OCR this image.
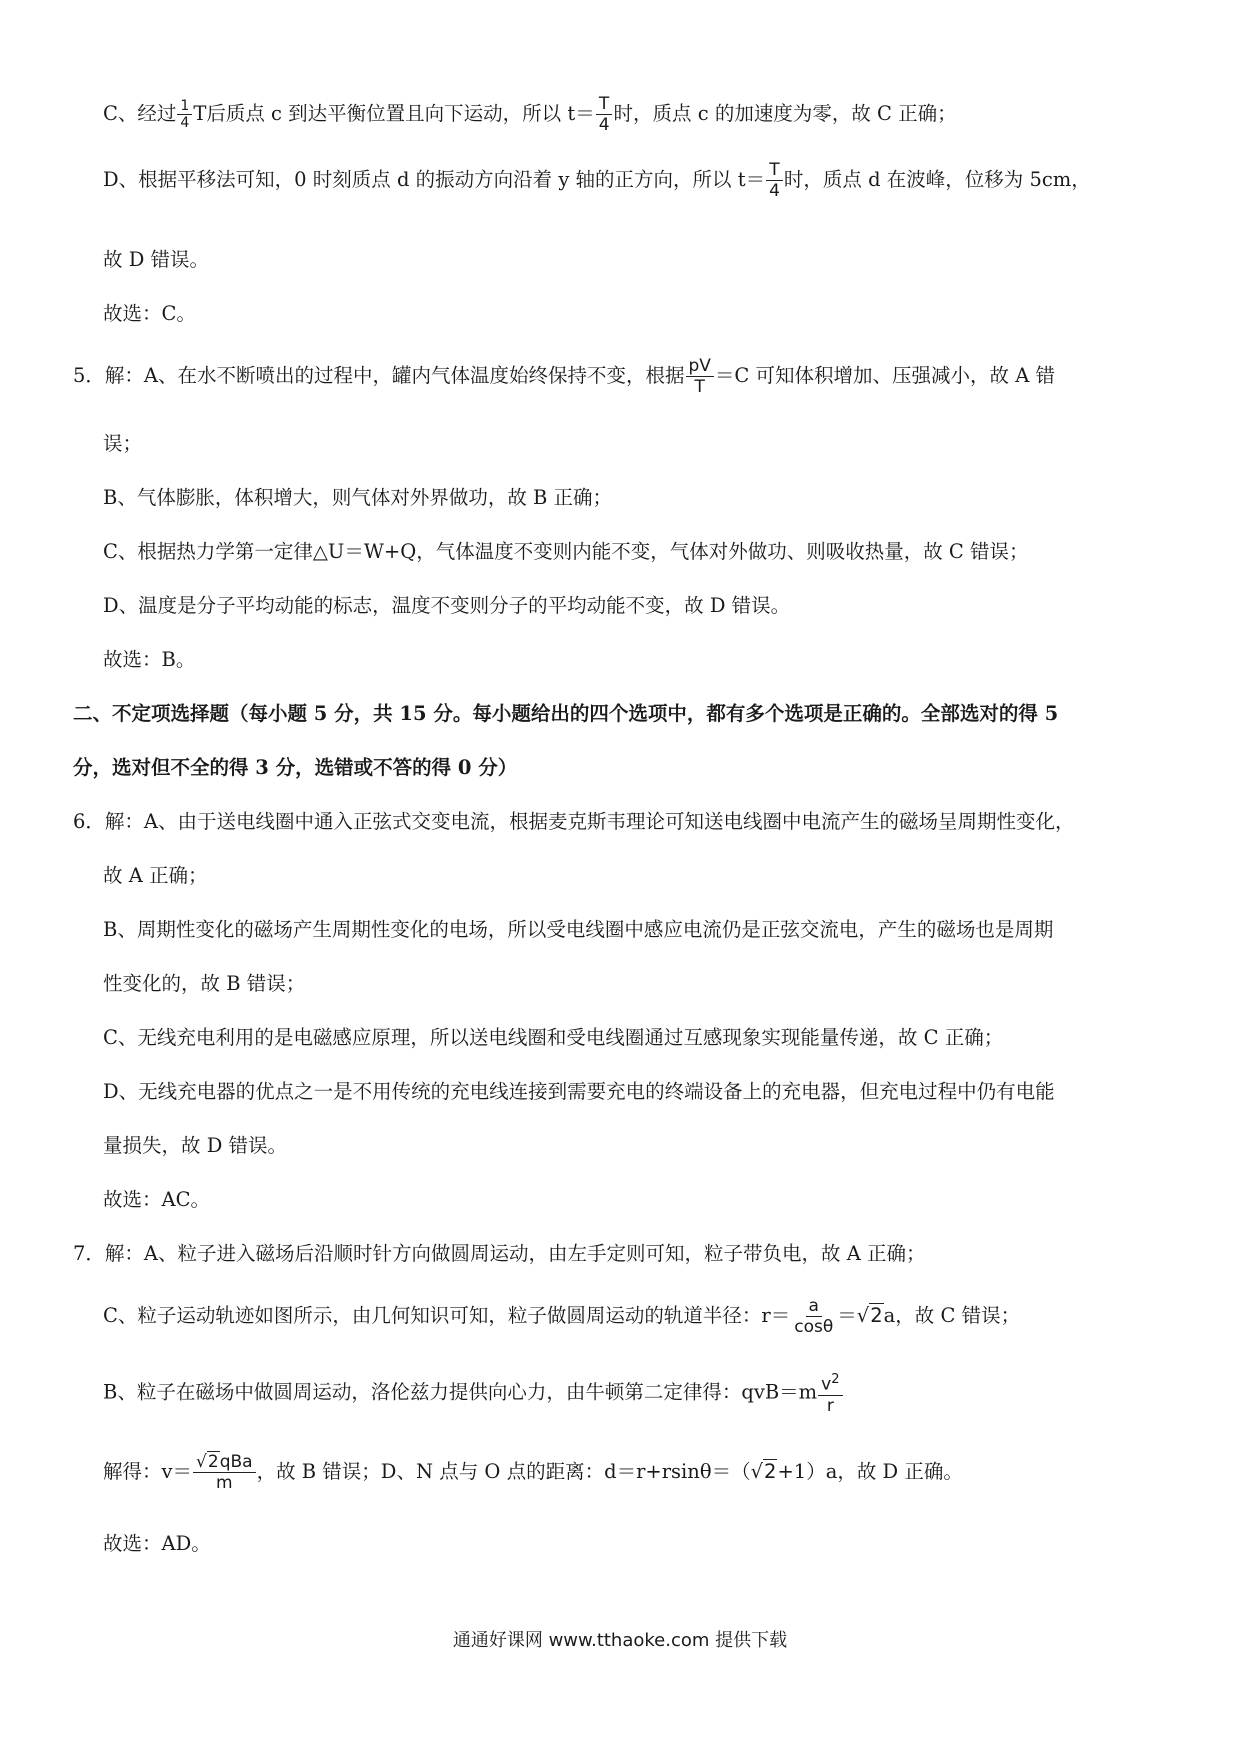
C、经过 $\frac{1}{4}$ T后质点 c 到达平衡位置且向下运动，所以 $t= \frac{T}{4}$ 时，质点 c 的加速度为零，故 C 正确；
D、根据平移法可知，0 时刻质点 d 的振动方向沿着 y 轴的正方向，所以 $t= \frac{T}{4}$ 时，质点 d 在波峰，位移为 5cm，
故 D 错误。
故选：C。
5．解：A、在水不断喷出的过程中，罐内气体温度始终保持不变，根据 $\frac{pV}{T} =C$ 可知体积增加、压强减小，故 A 错
误；
B、气体膨胀，体积增大，则气体对外界做功，故 B 正确；
C、根据热力学第一定律△U＝W+Q，气体温度不变则内能不变，气体对外做功、则吸收热量，故 C 错误；
D、温度是分子平均动能的标志，温度不变则分子的平均动能不变，故 D 错误。
故选：B。
二、不定项选择题（每小题 5 分，共 15 分。每小题给出的四个选项中，都有多个选项是正确的。全部选对的得 5
分，选对但不全的得 3 分，选错或不答的得 0 分）
6．解：A、由于送电线圈中通入正弦式交变电流，根据麦克斯韦理论可知送电线圈中电流产生的磁场呈周期性变化，
故 A 正确；
B、周期性变化的磁场产生周期性变化的电场，所以受电线圈中感应电流仍是正弦交流电，产生的磁场也是周期
性变化的，故 B 错误；
C、无线充电利用的是电磁感应原理，所以送电线圈和受电线圈通过互感现象实现能量传递，故 C 正确；
D、无线充电器的优点之一是不用传统的充电线连接到需要充电的终端设备上的充电器，但充电过程中仍有电能
量损失，故 D 错误。
故选：AC。
7．解：A、粒子进入磁场后沿顺时针方向做圆周运动，由左手定则可知，粒子带负电，故 A 正确；
C、粒子运动轨迹如图所示，由几何知识可知，粒子做圆周运动的轨道半径：$r= \frac{a}{\cos\theta} =√2a$，故 C 错误；
B、粒子在磁场中做圆周运动，洛伦兹力提供向心力，由牛顿第二定律得：$qvB=m \frac{v^2}{r}$
解得：$v= \frac{\text{√2qBa}}{m}$ ，故 B 错误；D、N 点与 O 点的距离：d＝r+rsinθ＝（√2+1）a，故 D 正确。
故选：AD。
通通好课网 www.tthaoke.com 提供下载
